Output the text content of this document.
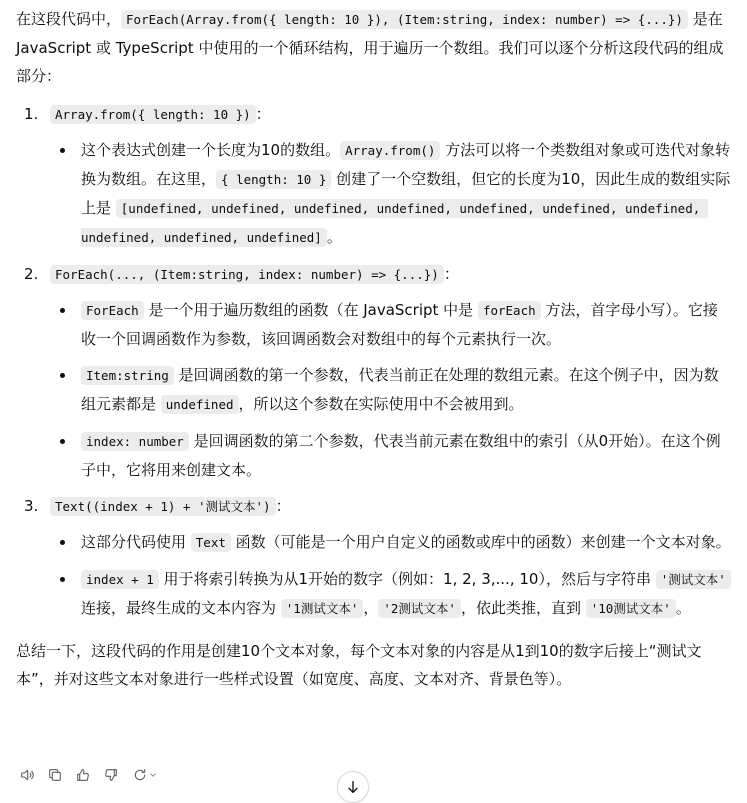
在这段代码中， ForEach(Array.from({ length: 10 }), (Item:string, index: number) => {...}) 是在 JavaScript 或 TypeScript 中使用的一个循环结构，用于遍历一个数组。我们可以逐个分析这段代码的组成部分：

1. Array.from({ length: 10 }) ：
这个表达式创建一个长度为10的数组。 Array.from() 方法可以将一个类数组对象或可迭代对象转换为数组。在这里， { length: 10 } 创建了一个空数组，但它的长度为10，因此生成的数组实际上是 [undefined, undefined, undefined, undefined, undefined, undefined, undefined, undefined, undefined, undefined] 。
2. ForEach(..., (Item:string, index: number) => {...}) ：
ForEach 是一个用于遍历数组的函数（在 JavaScript 中是 forEach 方法，首字母小写）。它接收一个回调函数作为参数，该回调函数会对数组中的每个元素执行一次。
Item:string 是回调函数的第一个参数，代表当前正在处理的数组元素。在这个例子中，因为数组元素都是 undefined ，所以这个参数在实际使用中不会被用到。
index: number 是回调函数的第二个参数，代表当前元素在数组中的索引（从0开始）。在这个例子中，它将用来创建文本。
3. Text((index + 1) + '测试文本') ：
这部分代码使用 Text 函数（可能是一个用户自定义的函数或库中的函数）来创建一个文本对象。
index + 1 用于将索引转换为从1开始的数字（例如：1, 2, 3,..., 10），然后与字符串 '测试文本' 连接，最终生成的文本内容为 '1测试文本' ， '2测试文本' ，依此类推，直到 '10测试文本' 。

总结一下，这段代码的作用是创建10个文本对象，每个文本对象的内容是从1到10的数字后接上“测试文本”，并对这些文本对象进行一些样式设置（如宽度、高度、文本对齐、背景色等）。
